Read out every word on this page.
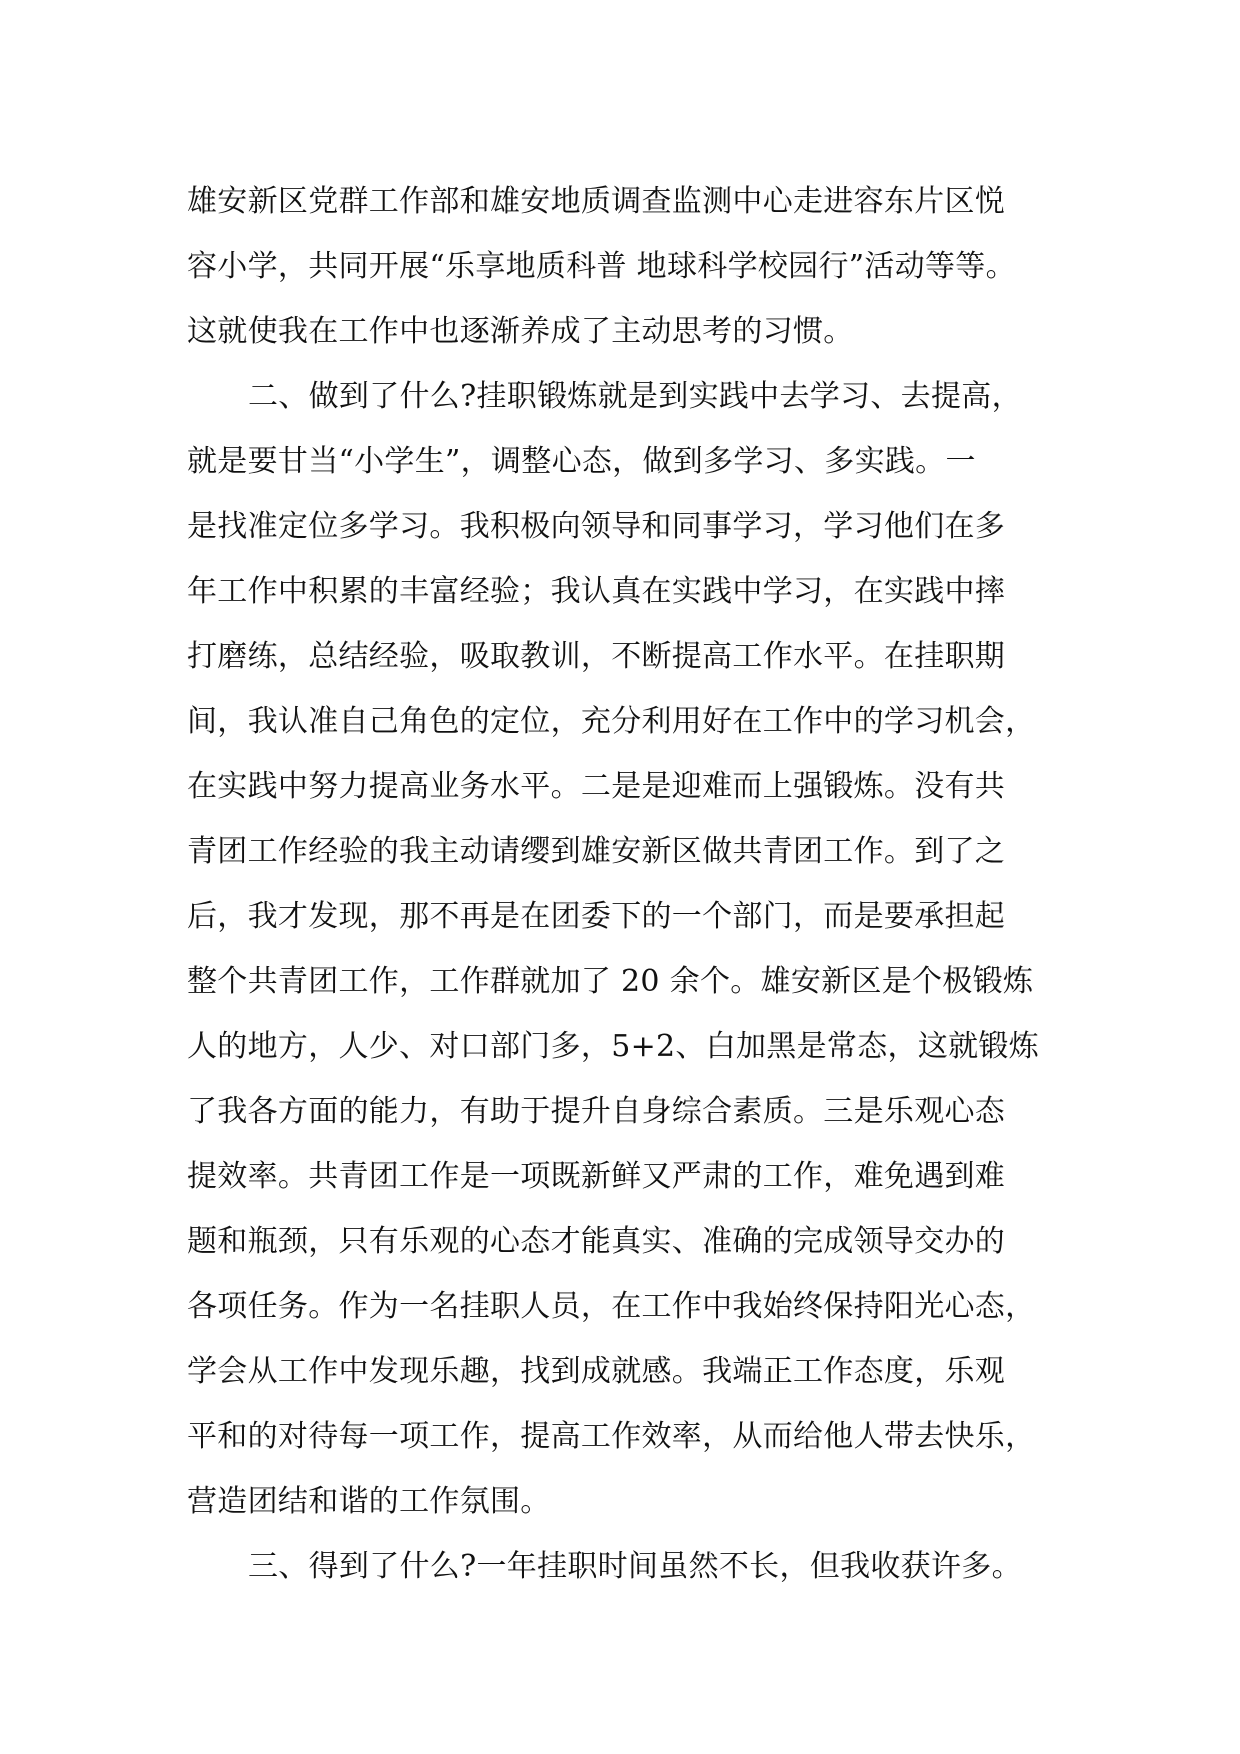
雄安新区党群工作部和雄安地质调查监测中心走进容东片区悦
容小学，共同开展“乐享地质科普 地球科学校园行”活动等等。
这就使我在工作中也逐渐养成了主动思考的习惯。
二、做到了什么?挂职锻炼就是到实践中去学习、去提高，
就是要甘当“小学生”，调整心态，做到多学习、多实践。一
是找准定位多学习。我积极向领导和同事学习，学习他们在多
年工作中积累的丰富经验；我认真在实践中学习，在实践中摔
打磨练，总结经验，吸取教训，不断提高工作水平。在挂职期
间，我认准自己角色的定位，充分利用好在工作中的学习机会，
在实践中努力提高业务水平。二是是迎难而上强锻炼。没有共
青团工作经验的我主动请缨到雄安新区做共青团工作。到了之
后，我才发现，那不再是在团委下的一个部门，而是要承担起
整个共青团工作，工作群就加了 20 余个。雄安新区是个极锻炼
人的地方，人少、对口部门多，5+2、白加黑是常态，这就锻炼
了我各方面的能力，有助于提升自身综合素质。三是乐观心态
提效率。共青团工作是一项既新鲜又严肃的工作，难免遇到难
题和瓶颈，只有乐观的心态才能真实、准确的完成领导交办的
各项任务。作为一名挂职人员，在工作中我始终保持阳光心态，
学会从工作中发现乐趣，找到成就感。我端正工作态度，乐观
平和的对待每一项工作，提高工作效率，从而给他人带去快乐，
营造团结和谐的工作氛围。
三、得到了什么?一年挂职时间虽然不长，但我收获许多。
